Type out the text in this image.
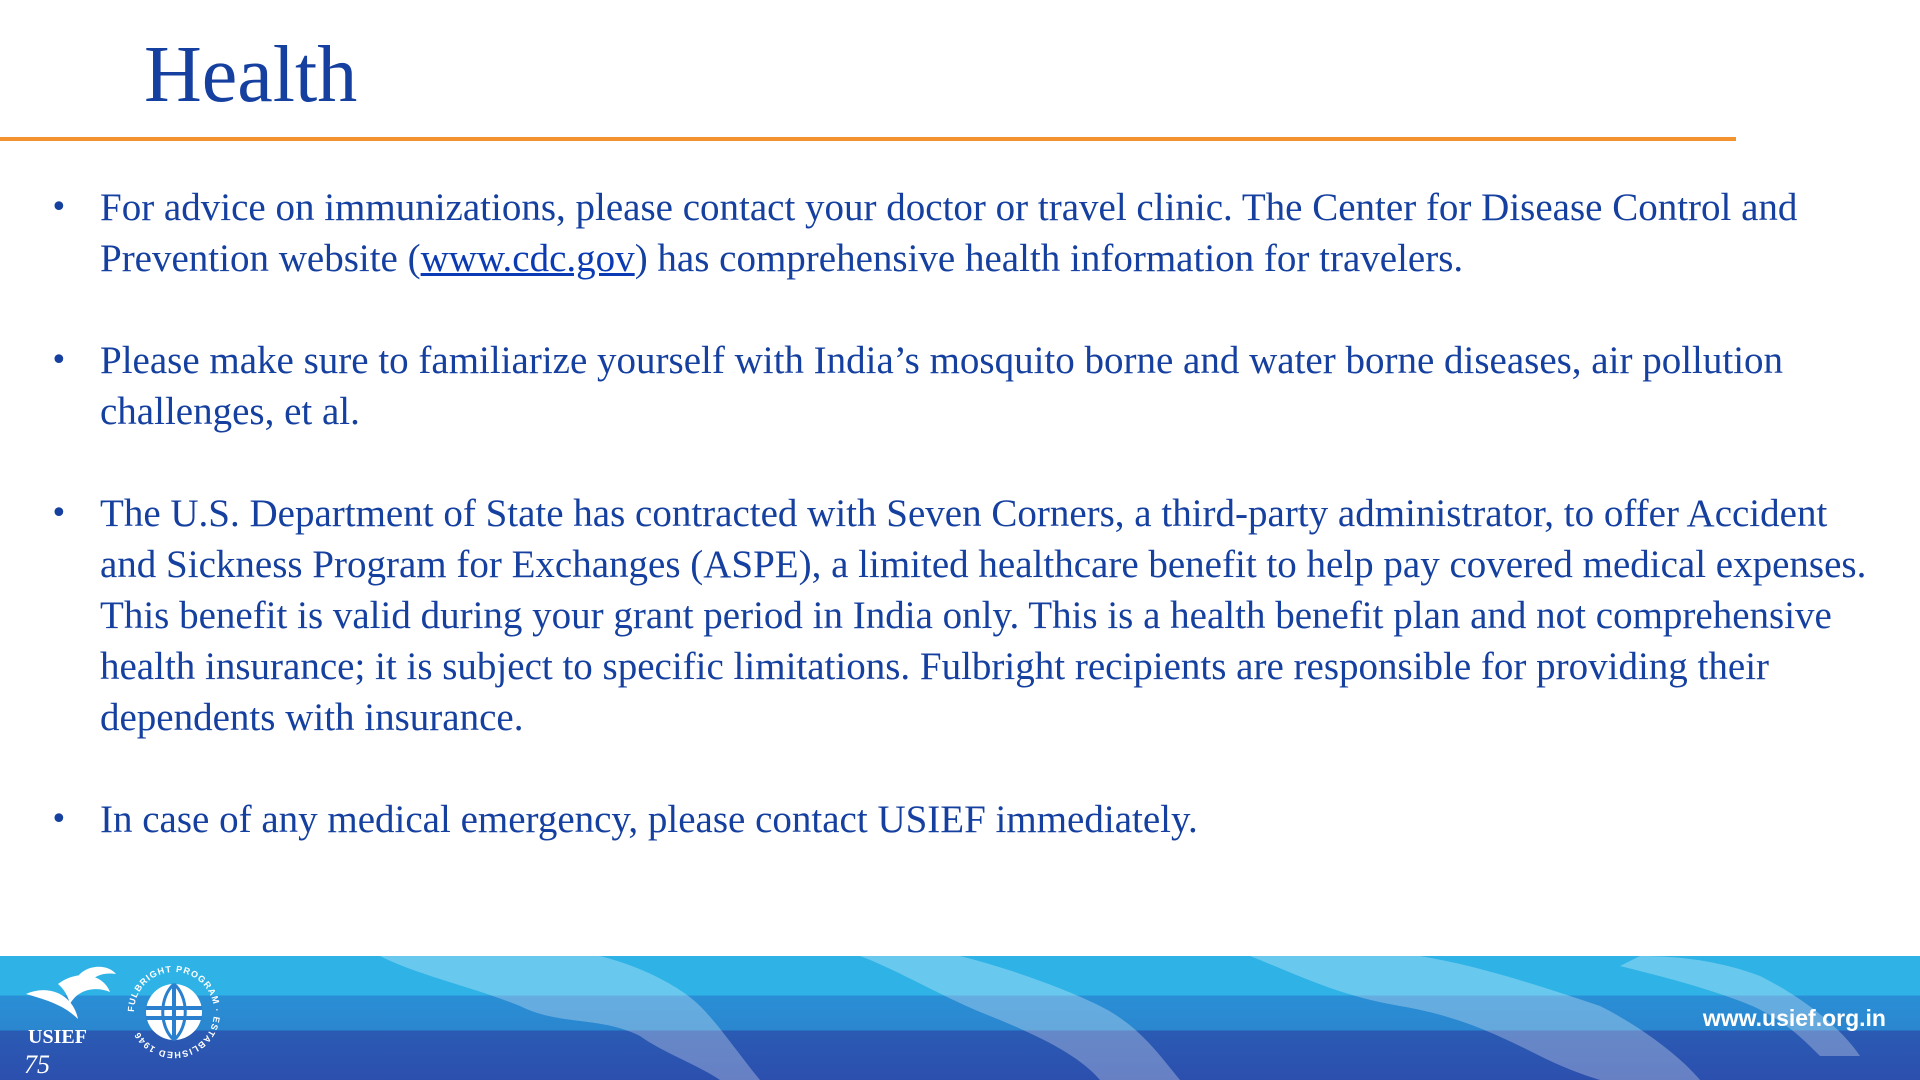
Health
• For advice on immunizations, please contact your doctor or travel clinic. The Center for Disease Control and Prevention website (www.cdc.gov) has comprehensive health information for travelers.
• Please make sure to familiarize yourself with India’s mosquito borne and water borne diseases, air pollution challenges, et al.
• The U.S. Department of State has contracted with Seven Corners, a third-party administrator, to offer Accident and Sickness Program for Exchanges (ASPE), a limited healthcare benefit to help pay covered medical expenses. This benefit is valid during your grant period in India only. This is a health benefit plan and not comprehensive health insurance; it is subject to specific limitations. Fulbright recipients are responsible for providing their dependents with insurance.
• In case of any medical emergency, please contact USIEF immediately.
USIEF
75
FULBRIGHT PROGRAM · ESTABLISHED 1946
www.usief.org.in
